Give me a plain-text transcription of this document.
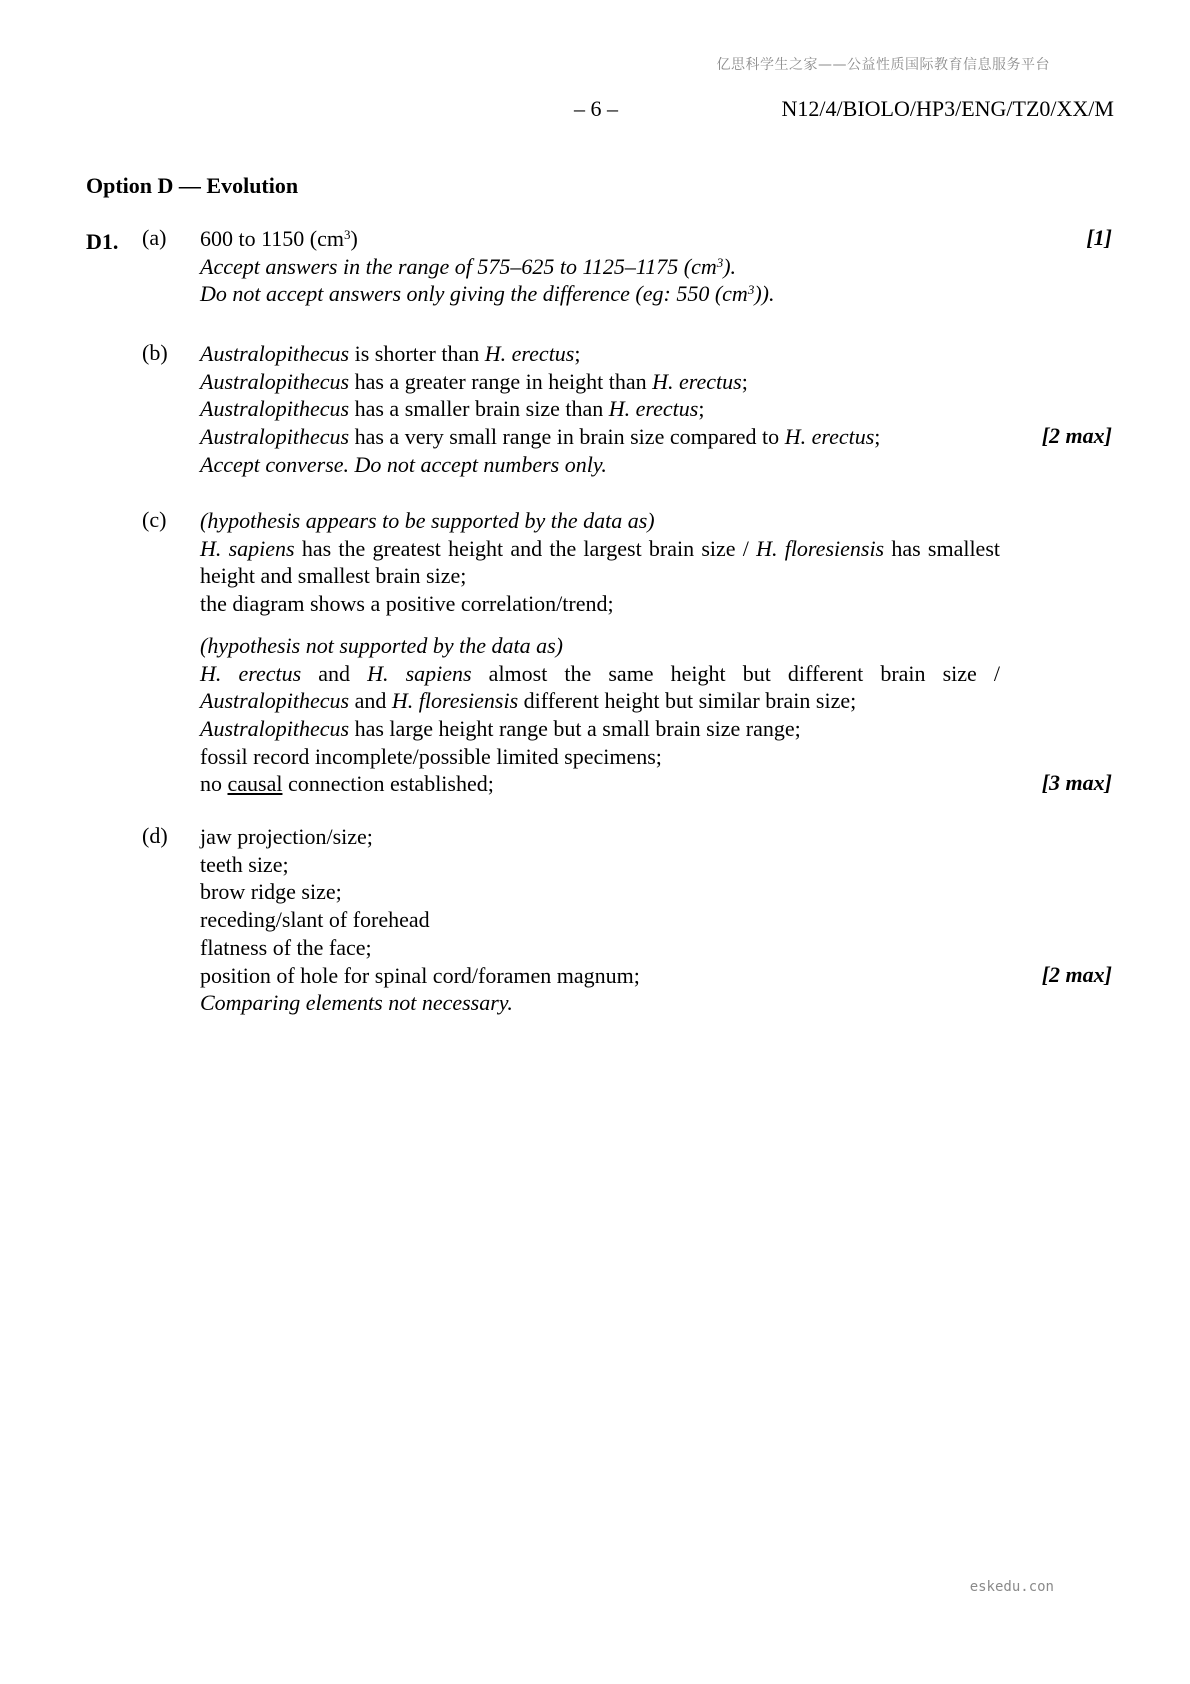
亿思科学生之家——公益性质国际教育信息服务平台
– 6 –	N12/4/BIOLO/HP3/ENG/TZ0/XX/M
Option D — Evolution
D1. (a) 600 to 1150 $(cm^3)$
Accept answers in the range of 575–625 to 1125–1175 $(cm^3)$.
Do not accept answers only giving the difference (eg: 550 $(cm^3)$).
[1]
(b) Australopithecus is shorter than H. erectus;
Australopithecus has a greater range in height than H. erectus;
Australopithecus has a smaller brain size than H. erectus;
Australopithecus has a very small range in brain size compared to H. erectus;
Accept converse. Do not accept numbers only.
[2 max]
(c) (hypothesis appears to be supported by the data as)
H. sapiens has the greatest height and the largest brain size / H. floresiensis has smallest height and smallest brain size;
the diagram shows a positive correlation/trend;
(hypothesis not supported by the data as)
H. erectus and H. sapiens almost the same height but different brain size / Australopithecus and H. floresiensis different height but similar brain size;
Australopithecus has large height range but a small brain size range;
fossil record incomplete/possible limited specimens;
no causal connection established;	[3 max]
(d) jaw projection/size;
teeth size;
brow ridge size;
receding/slant of forehead
flatness of the face;
position of hole for spinal cord/foramen magnum;
Comparing elements not necessary.
[2 max]
eskedu.con
